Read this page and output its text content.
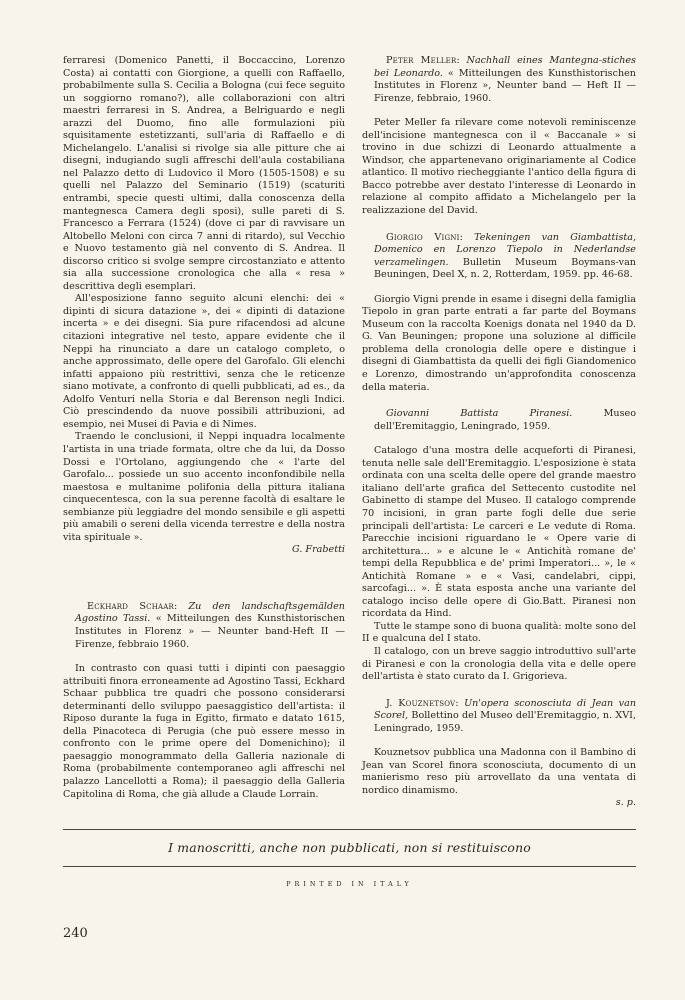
ferraresi (Domenico Panetti, il Boccaccino, Lorenzo Costa) ai contatti con Giorgione, a quelli con Raffaello, probabilmente sulla S. Cecilia a Bologna (cui fece seguito un soggiorno romano?), alle collaborazioni con altri maestri ferraresi in S. Andrea, a Belriguardo e negli arazzi del Duomo, fino alle formulazioni più squisitamente estetizzanti, sull'aria di Raffaello e di Michelangelo. L'analisi si rivolge sia alle pitture che ai disegni, indugiando sugli affreschi dell'aula costabiliana nel Palazzo detto di Ludovico il Moro (1505-1508) e su quelli nel Palazzo del Seminario (1519) (scaturiti entrambi, specie questi ultimi, dalla conoscenza della mantegnesca Camera degli sposi), sulle pareti di S. Francesco a Ferrara (1524) (dove ci par di ravvisare un Altobello Meloni con circa 7 anni di ritardo), sul Vecchio e Nuovo testamento già nel convento di S. Andrea. Il discorso critico si svolge sempre circostanziato e attento sia alla successione cronologica che alla « resa » descrittiva degli esemplari.

All'esposizione fanno seguito alcuni elenchi: dei « dipinti di sicura datazione », dei « dipinti di datazione incerta » e dei disegni. Sia pure rifacendosi ad alcune citazioni integrative nel testo, appare evidente che il Neppi ha rinunciato a dare un catalogo completo, o anche approssimato, delle opere del Garofalo. Gli elenchi infatti appaiono più restrittivi, senza che le reticenze siano motivate, a confronto di quelli pubblicati, ad es., da Adolfo Venturi nella Storia e dal Berenson negli Indici. Ciò prescindendo da nuove possibili attribuzioni, ad esempio, nei Musei di Pavia e di Nimes.

Traendo le conclusioni, il Neppi inquadra localmente l'artista in una triade formata, oltre che da lui, da Dosso Dossi e l'Ortolano, aggiungendo che « l'arte del Garofalo... possiede un suo accento inconfondibile nella maestosa e multanime polifonia della pittura italiana cinquecentesca, con la sua perenne facoltà di esaltare le sembianze più leggiadre del mondo sensibile e gli aspetti più amabili o sereni della vicenda terrestre e della nostra vita spirituale ».

G. Frabetti

Eckhard Schaar: Zu den landschaftsgemälden Agostino Tassi. « Mitteilungen des Kunsthistorischen Institutes in Florenz » — Neunter band-Heft II — Firenze, febbraio 1960.

In contrasto con quasi tutti i dipinti con paesaggio attribuiti finora erroneamente ad Agostino Tassi, Eckhard Schaar pubblica tre quadri che possono considerarsi determinanti dello sviluppo paesaggistico dell'artista: il Riposo durante la fuga in Egitto, firmato e datato 1615, della Pinacoteca di Perugia (che può essere messo in confronto con le prime opere del Domenichino); il paesaggio monogrammato della Galleria nazionale di Roma (probabilmente contemporaneo agli affreschi nel palazzo Lancellotti a Roma); il paesaggio della Galleria Capitolina di Roma, che già allude a Claude Lorrain.

Peter Meller: Nachhall eines Mantegna-stiches bei Leonardo. « Mitteilungen des Kunsthistorischen Institutes in Florenz », Neunter band — Heft II — Firenze, febbraio, 1960.

Peter Meller fa rilevare come notevoli reminiscenze dell'incisione mantegnesca con il « Baccanale » si trovino in due schizzi di Leonardo attualmente a Windsor, che appartenevano originariamente al Codice atlantico. Il motivo riecheggiante l'antico della figura di Bacco potrebbe aver destato l'interesse di Leonardo in relazione al compito affidato a Michelangelo per la realizzazione del David.

Giorgio Vigni: Tekeningen van Giambattista, Domenico en Lorenzo Tiepolo in Nederlandse verzamelingen. Bulletin Museum Boymans-van Beuningen, Deel X, n. 2, Rotterdam, 1959. pp. 46-68.

Giorgio Vigni prende in esame i disegni della famiglia Tiepolo in gran parte entrati a far parte del Boymans Museum con la raccolta Koenigs donata nel 1940 da D. G. Van Beuningen; propone una soluzione al difficile problema della cronologia delle opere e distingue i disegni di Giambattista da quelli dei figli Giandomenico e Lorenzo, dimostrando un'approfondita conoscenza della materia.

Giovanni Battista Piranesi.	Museo dell'Eremitaggio, Leningrado, 1959.

Catalogo d'una mostra delle acqueforti di Piranesi, tenuta nelle sale dell'Eremitaggio. L'esposizione è stata ordinata con una scelta delle opere del grande maestro italiano dell'arte grafica del Settecento custodite nel Gabinetto di stampe del Museo. Il catalogo comprende 70 incisioni, in gran parte fogli delle due serie principali dell'artista: Le carceri e Le vedute di Roma. Parecchie incisioni riguardano le « Opere varie di architettura... » e alcune le « Antichità romane de' tempi della Repubblica e de' primi Imperatori... », le « Antichità Romane » e « Vasi, candelabri, cippi, sarcofagi... ». È stata esposta anche una variante del catalogo inciso delle opere di Gio.Batt. Piranesi non ricordata da Hind.

Tutte le stampe sono di buona qualità: molte sono del II e qualcuna del I stato.

Il catalogo, con un breve saggio introduttivo sull'arte di Piranesi e con la cronologia della vita e delle opere dell'artista è stato curato da I. Grigorieva.

J. Kouznetsov: Un'opera sconosciuta di Jean van Scorel, Bollettino del Museo dell'Eremitaggio, n. XVI, Leningrado, 1959.

Kouznetsov pubblica una Madonna con il Bambino di Jean van Scorel finora sconosciuta, documento di un manierismo reso più arrovellato da una ventata di nordico dinamismo.

s. p.

I manoscritti, anche non pubblicati, non si restituiscono
PRINTED IN ITALY
240
